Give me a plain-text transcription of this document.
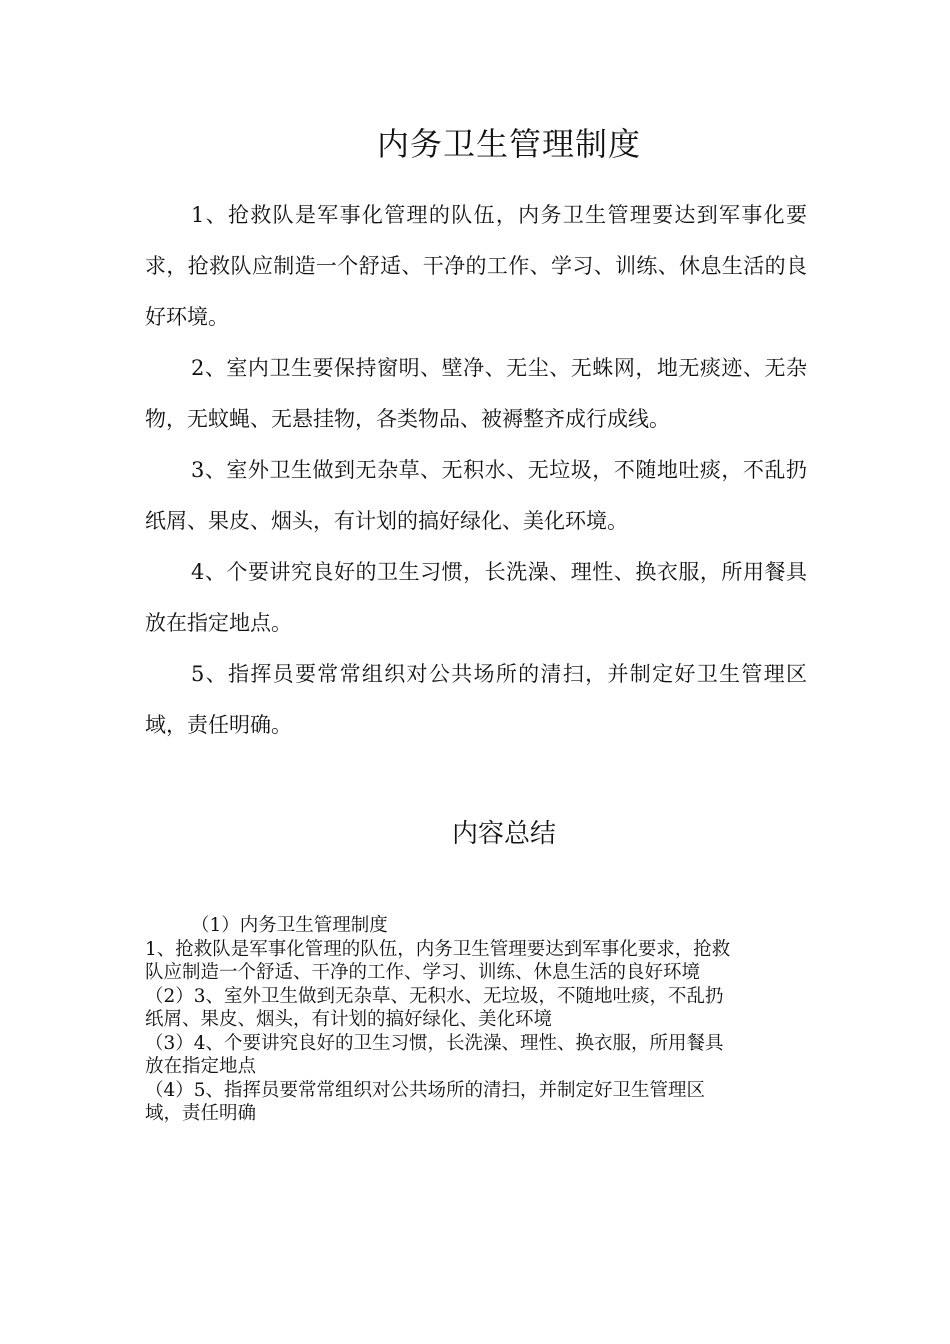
内务卫生管理制度

1、抢救队是军事化管理的队伍，内务卫生管理要达到军事化要求，抢救队应制造一个舒适、干净的工作、学习、训练、休息生活的良好环境。

2、室内卫生要保持窗明、壁净、无尘、无蛛网，地无痰迹、无杂物，无蚊蝇、无悬挂物，各类物品、被褥整齐成行成线。

3、室外卫生做到无杂草、无积水、无垃圾，不随地吐痰，不乱扔纸屑、果皮、烟头，有计划的搞好绿化、美化环境。

4、个要讲究良好的卫生习惯，长洗澡、理性、换衣服，所用餐具放在指定地点。

5、指挥员要常常组织对公共场所的清扫，并制定好卫生管理区域，责任明确。

内容总结
（1）内务卫生管理制度
1、抢救队是军事化管理的队伍，内务卫生管理要达到军事化要求，抢救
队应制造一个舒适、干净的工作、学习、训练、休息生活的良好环境
（2）3、室外卫生做到无杂草、无积水、无垃圾，不随地吐痰，不乱扔
纸屑、果皮、烟头，有计划的搞好绿化、美化环境
（3）4、个要讲究良好的卫生习惯，长洗澡、理性、换衣服，所用餐具
放在指定地点
（4）5、指挥员要常常组织对公共场所的清扫，并制定好卫生管理区
域，责任明确
